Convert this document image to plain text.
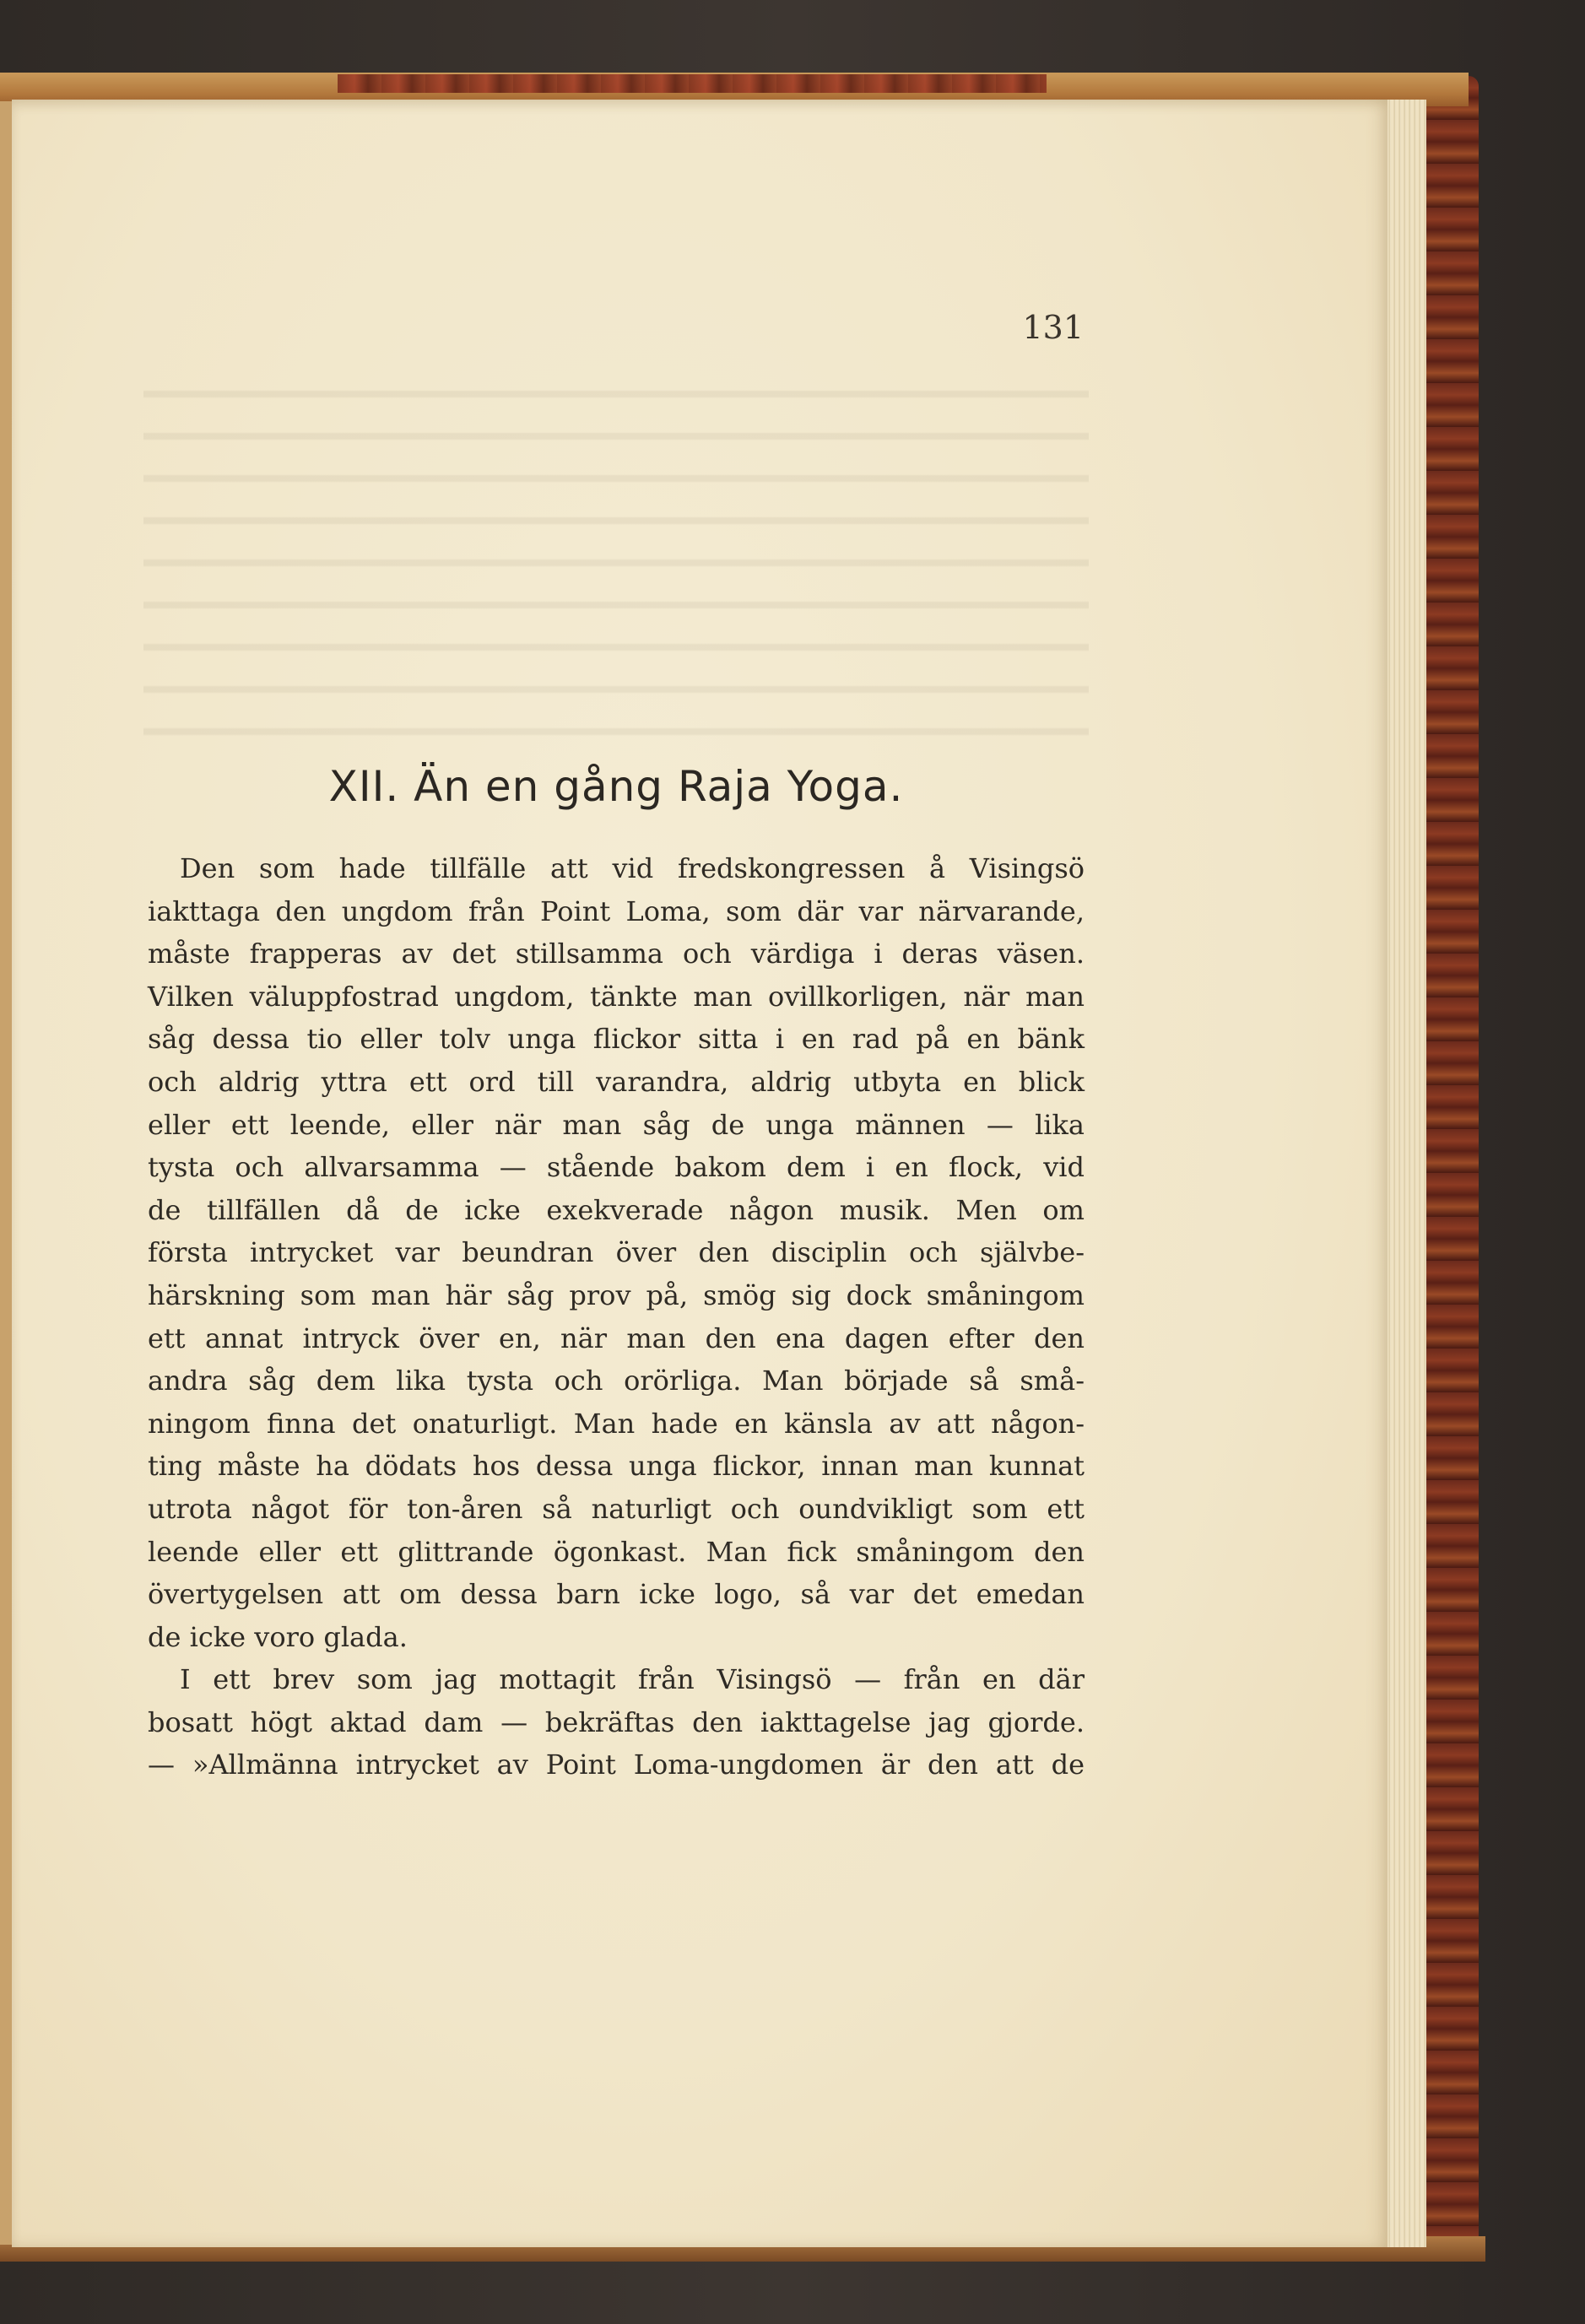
131
XII. Än en gång Raja Yoga.
Den som hade tillfälle att vid fredskongressen å Visingsö
iakttaga den ungdom från Point Loma, som där var närvarande,
måste frapperas av det stillsamma och värdiga i deras väsen.
Vilken väluppfostrad ungdom, tänkte man ovillkorligen, när man
såg dessa tio eller tolv unga flickor sitta i en rad på en bänk
och aldrig yttra ett ord till varandra, aldrig utbyta en blick
eller ett leende, eller när man såg de unga männen — lika
tysta och allvarsamma — stående bakom dem i en flock, vid
de tillfällen då de icke exekverade någon musik. Men om
första intrycket var beundran över den disciplin och självbe-
härskning som man här såg prov på, smög sig dock småningom
ett annat intryck över en, när man den ena dagen efter den
andra såg dem lika tysta och orörliga. Man började så små-
ningom finna det onaturligt. Man hade en känsla av att någon-
ting måste ha dödats hos dessa unga flickor, innan man kunnat
utrota något för ton-åren så naturligt och oundvikligt som ett
leende eller ett glittrande ögonkast. Man fick småningom den
övertygelsen att om dessa barn icke logo, så var det emedan
de icke voro glada.
I ett brev som jag mottagit från Visingsö — från en där
bosatt högt aktad dam — bekräftas den iakttagelse jag gjorde.
— »Allmänna intrycket av Point Loma-ungdomen är den att de
